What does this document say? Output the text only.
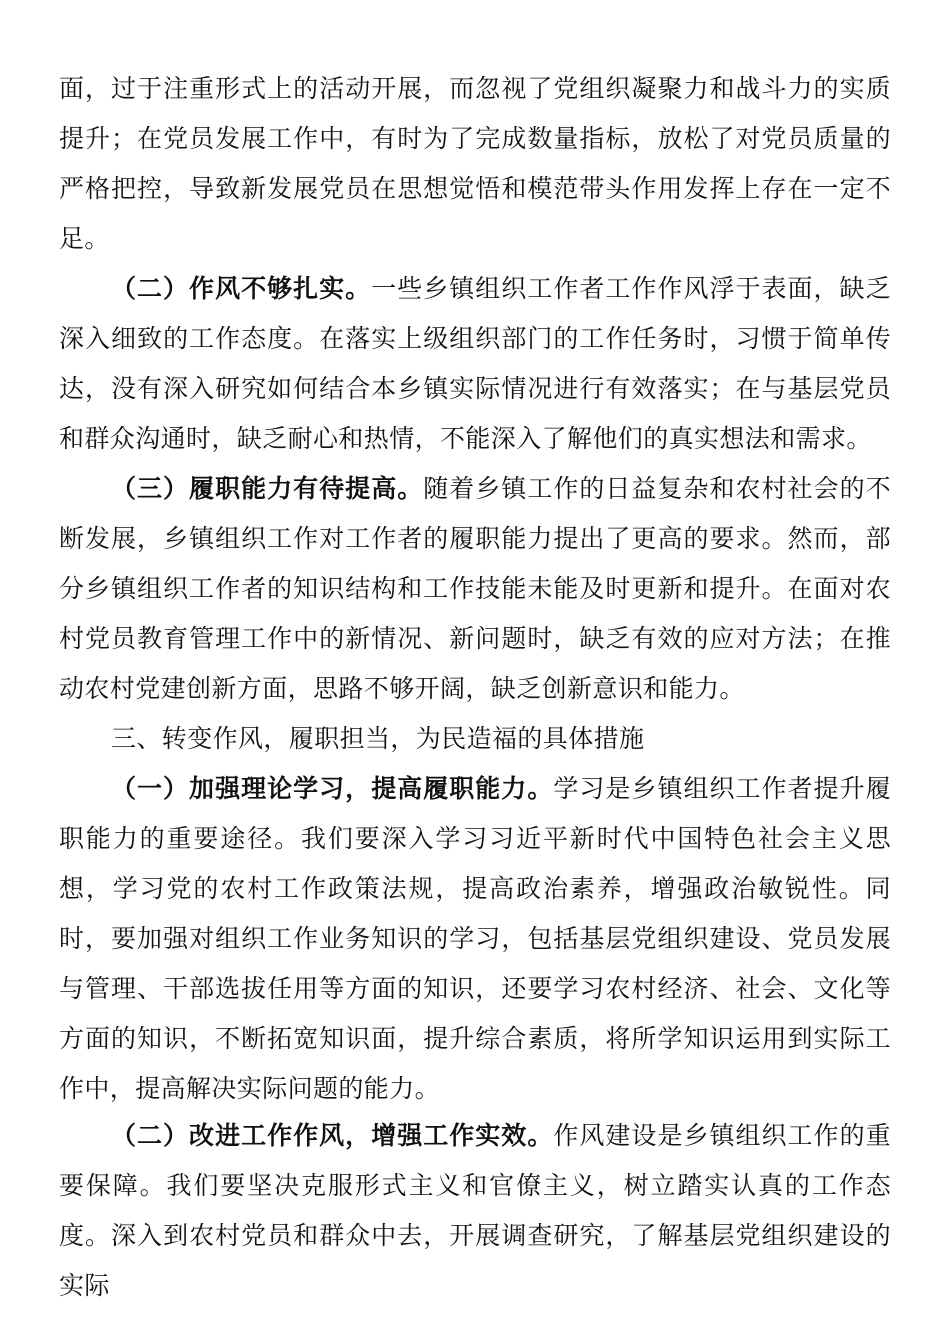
面，过于注重形式上的活动开展，而忽视了党组织凝聚力和战斗力的实质提升；在党员发展工作中，有时为了完成数量指标，放松了对党员质量的严格把控，导致新发展党员在思想觉悟和模范带头作用发挥上存在一定不足。

（二）作风不够扎实。一些乡镇组织工作者工作作风浮于表面，缺乏深入细致的工作态度。在落实上级组织部门的工作任务时，习惯于简单传达，没有深入研究如何结合本乡镇实际情况进行有效落实；在与基层党员和群众沟通时，缺乏耐心和热情，不能深入了解他们的真实想法和需求。

（三）履职能力有待提高。随着乡镇工作的日益复杂和农村社会的不断发展，乡镇组织工作对工作者的履职能力提出了更高的要求。然而，部分乡镇组织工作者的知识结构和工作技能未能及时更新和提升。在面对农村党员教育管理工作中的新情况、新问题时，缺乏有效的应对方法；在推动农村党建创新方面，思路不够开阔，缺乏创新意识和能力。

三、转变作风，履职担当，为民造福的具体措施

（一）加强理论学习，提高履职能力。学习是乡镇组织工作者提升履职能力的重要途径。我们要深入学习习近平新时代中国特色社会主义思想，学习党的农村工作政策法规，提高政治素养，增强政治敏锐性。同时，要加强对组织工作业务知识的学习，包括基层党组织建设、党员发展与管理、干部选拔任用等方面的知识，还要学习农村经济、社会、文化等方面的知识，不断拓宽知识面，提升综合素质，将所学知识运用到实际工作中，提高解决实际问题的能力。

（二）改进工作作风，增强工作实效。作风建设是乡镇组织工作的重要保障。我们要坚决克服形式主义和官僚主义，树立踏实认真的工作态度。深入到农村党员和群众中去，开展调查研究，了解基层党组织建设的实际
